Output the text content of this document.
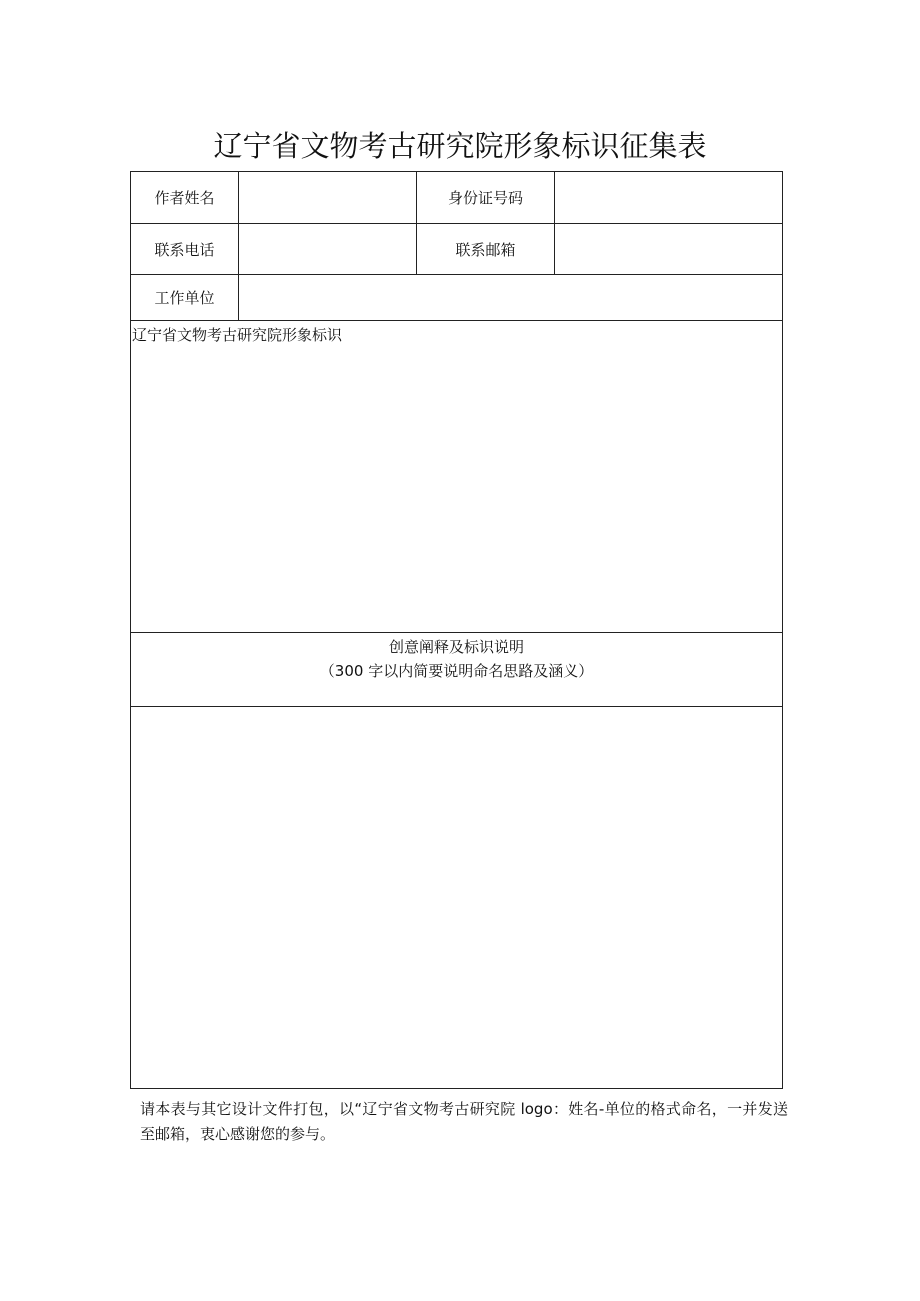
辽宁省文物考古研究院形象标识征集表
作者姓名	身份证号码
联系电话	联系邮箱
工作单位
辽宁省文物考古研究院形象标识
创意阐释及标识说明
（300 字以内简要说明命名思路及涵义）
请本表与其它设计文件打包，以“辽宁省文物考古研究院 logo：姓名-单位的格式命名，一并发送至邮箱，衷心感谢您的参与。
